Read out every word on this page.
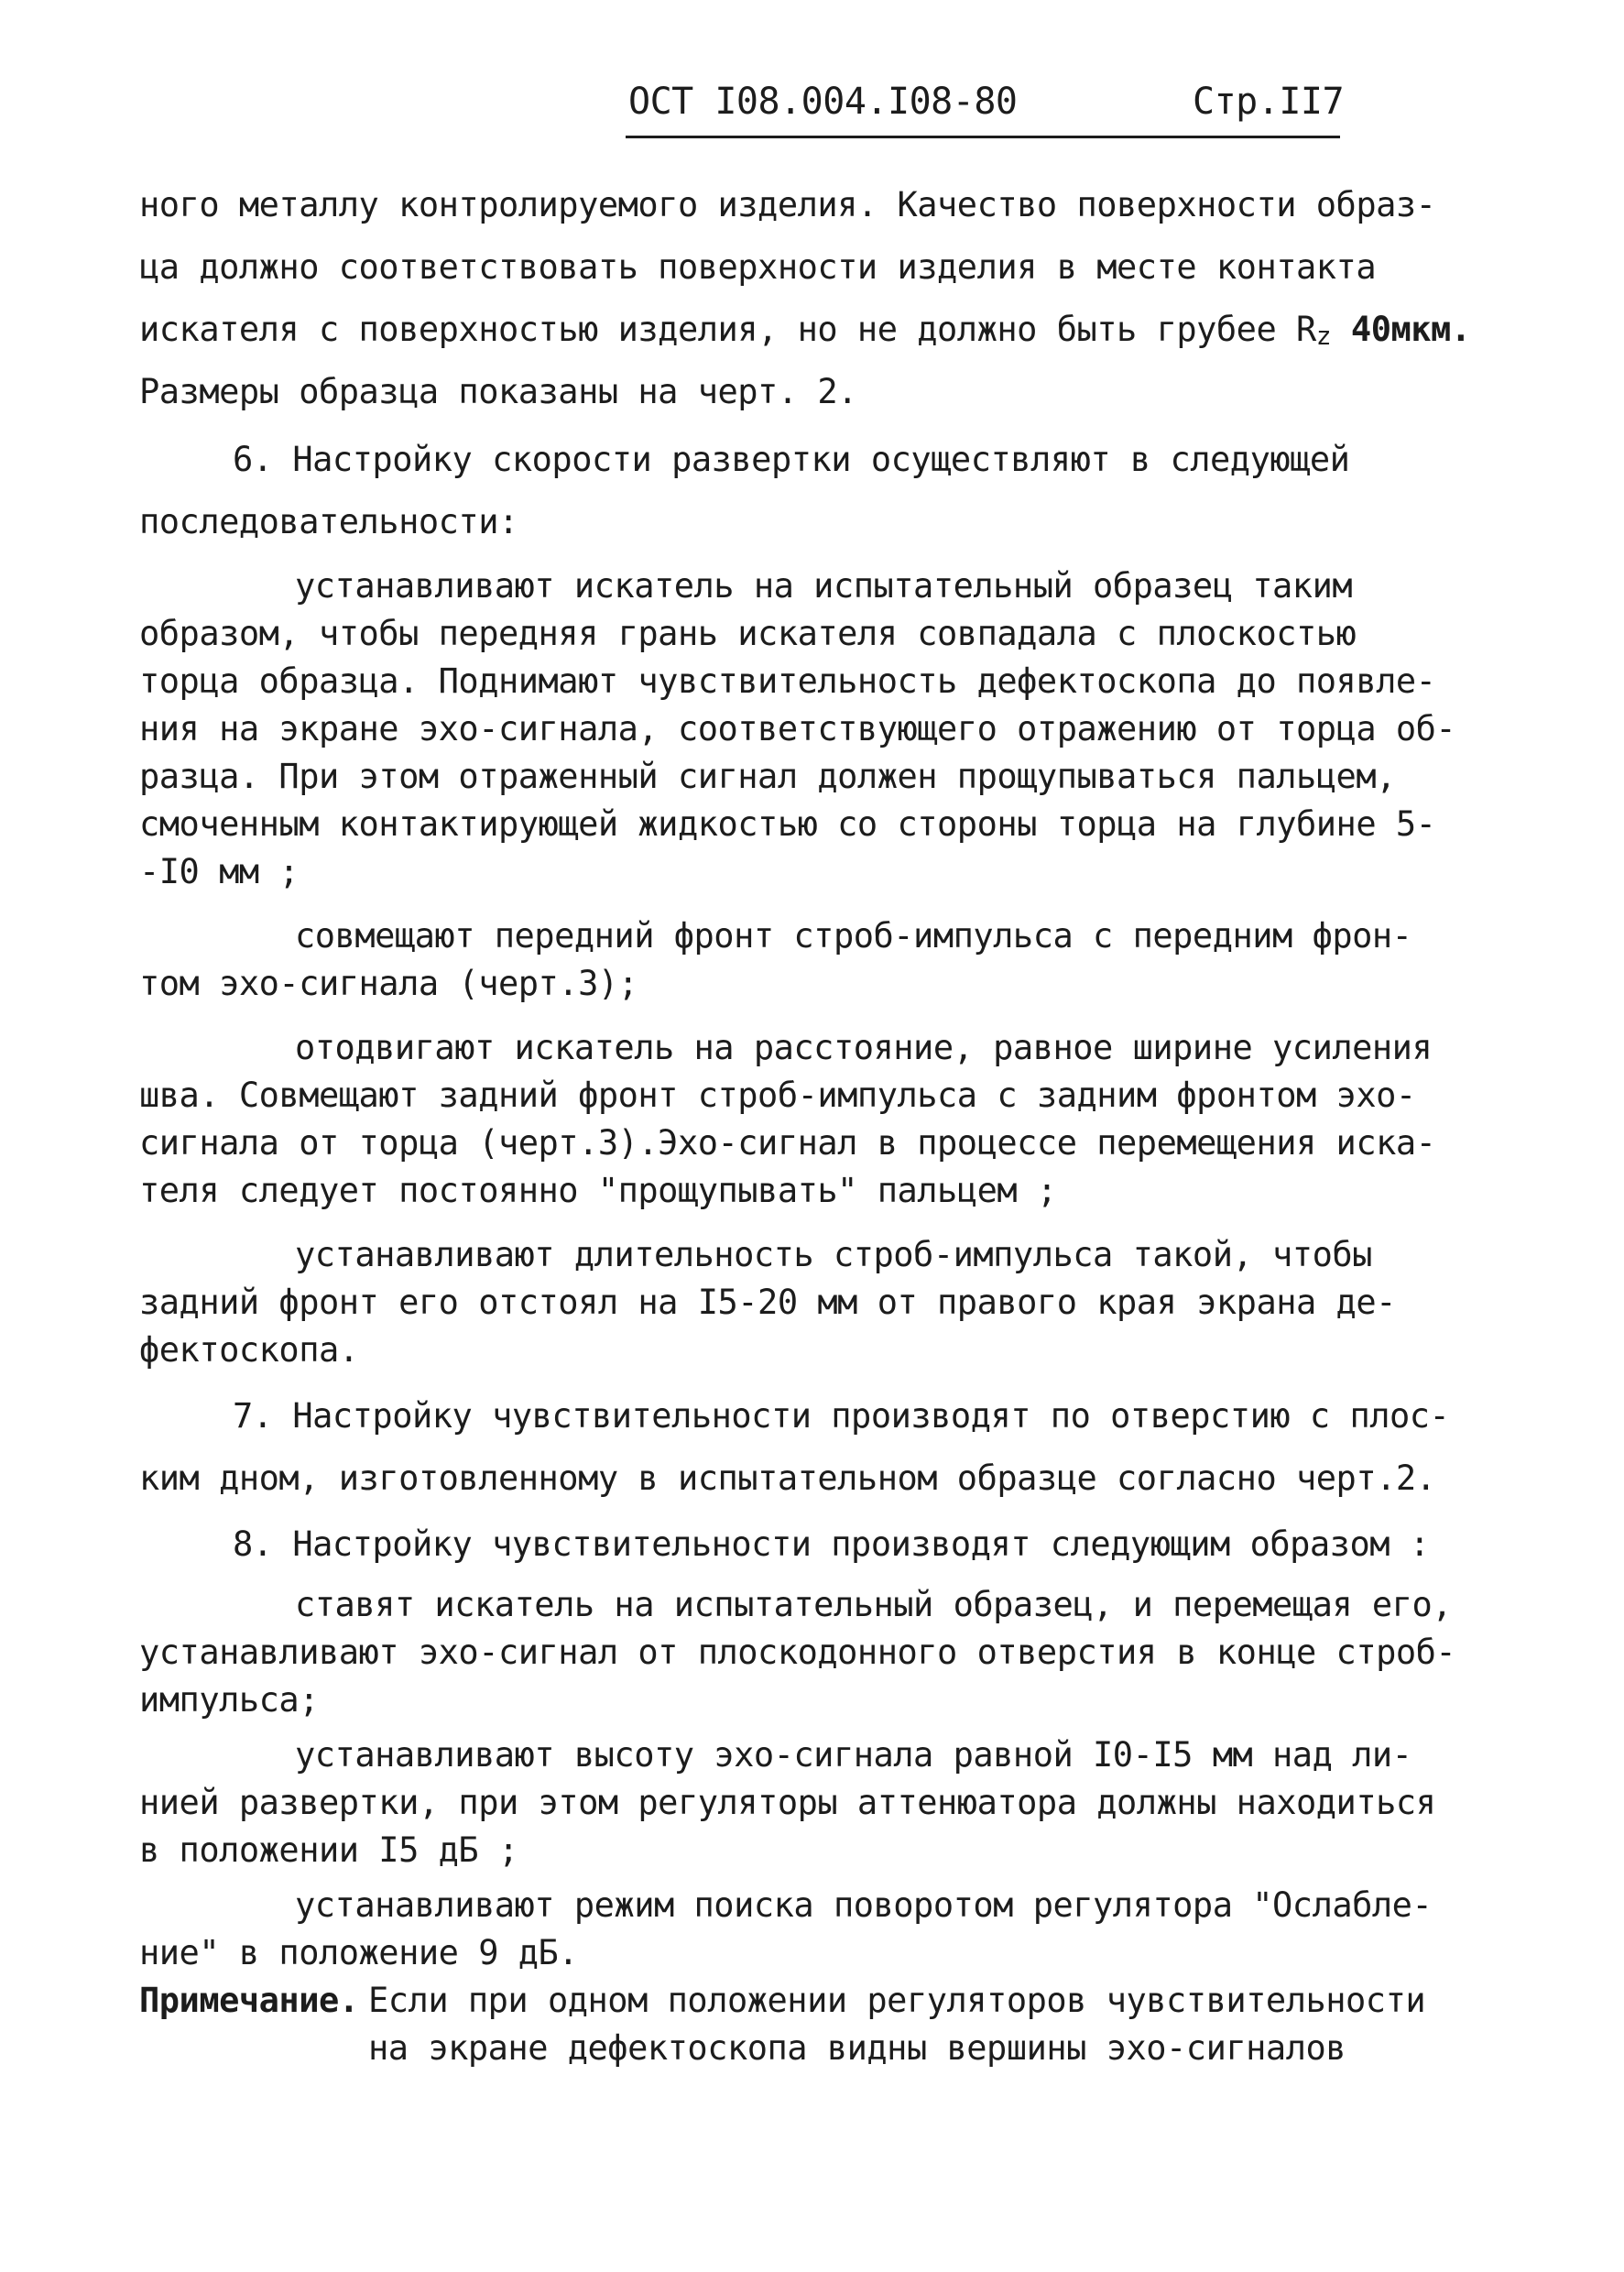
ОСТ I08.004.I08-80	Стр.II7
ного металлу контролируемого изделия. Качество поверхности образ-
ца должно соответствовать поверхности изделия в месте контакта
искателя с поверхностью изделия, но не должно быть грубее Rz 40мкм.
Размеры образца показаны на черт. 2.
6. Настройку скорости развертки осуществляют в следующей
последовательности:
устанавливают искатель на испытательный образец таким
образом, чтобы передняя грань искателя совпадала с плоскостью
торца образца. Поднимают чувствительность дефектоскопа до появле-
ния на экране эхо-сигнала, соответствующего отражению от торца об-
разца. При этом отраженный сигнал должен прощупываться пальцем,
смоченным контактирующей жидкостью со стороны торца на глубине 5-
-I0 мм ;
совмещают передний фронт строб-импульса с передним фрон-
том эхо-сигнала (черт.3);
отодвигают искатель на расстояние, равное ширине усиления
шва. Совмещают задний фронт строб-импульса с задним фронтом эхо-
сигнала от торца (черт.3).Эхо-сигнал в процессе перемещения иска-
теля следует постоянно "прощупывать" пальцем ;
устанавливают длительность строб-импульса такой, чтобы
задний фронт его отстоял на I5-20 мм от правого края экрана де-
фектоскопа.
7. Настройку чувствительности производят по отверстию с плос-
ким дном, изготовленному в испытательном образце согласно черт.2.
8. Настройку чувствительности производят следующим образом :
ставят искатель на испытательный образец, и перемещая его,
устанавливают эхо-сигнал от плоскодонного отверстия в конце строб-
импульса;
устанавливают высоту эхо-сигнала равной I0-I5 мм над ли-
нией развертки, при этом регуляторы аттенюатора должны находиться
в положении I5 дБ ;
устанавливают режим поиска поворотом регулятора "Ослабле-
ние" в положение 9 дБ.
Примечание. Если при одном положении регуляторов чувствительности
на экране дефектоскопа видны вершины эхо-сигналов
